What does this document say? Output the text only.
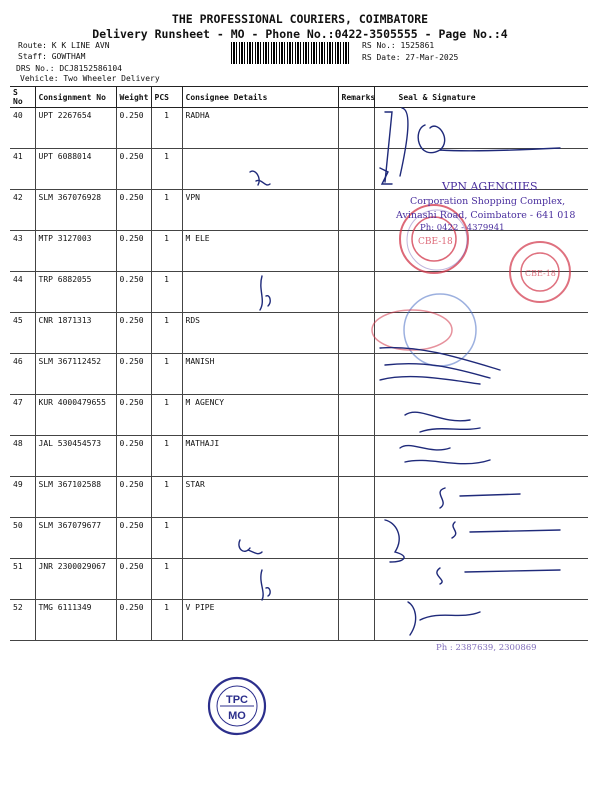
THE PROFESSIONAL COURIERS, COIMBATORE
Delivery Runsheet - MO - Phone No.:0422-3505555 - Page No.:4
Route: K K LINE AVN
Staff: GOWTHAM
DRS No.: DCJ8152586104
Vehicle: Two Wheeler Delivery
RS No.: 1525861
RS Date: 27-Mar-2025
S No	Consignment No	Weight	PCS	Consignee Details	Remarks	Seal & Signature
40	UPT 2267654	0.250	1	RADHA		
41	UPT 6088014	0.250	1			
42	SLM 367076928	0.250	1	VPN		
43	MTP 3127003	0.250	1	M ELE		
44	TRP 6882055	0.250	1			
45	CNR 1871313	0.250	1	RDS		
46	SLM 367112452	0.250	1	MANISH		
47	KUR 4000479655	0.250	1	M AGENCY		
48	JAL 530454573	0.250	1	MATHAJI		
49	SLM 367102588	0.250	1	STAR		
50	SLM 367079677	0.250	1			
51	JNR 2300029067	0.250	1			
52	TMG 6111349	0.250	1	V PIPE		
CBE-18
CBE-18
VPN AGENCIIES
Corporation Shopping Complex,
Avinashi Road, Coimbatore - 641 018
Ph: 0422 - 4379941
Ph : 2387639, 2300869
TPC
MO
